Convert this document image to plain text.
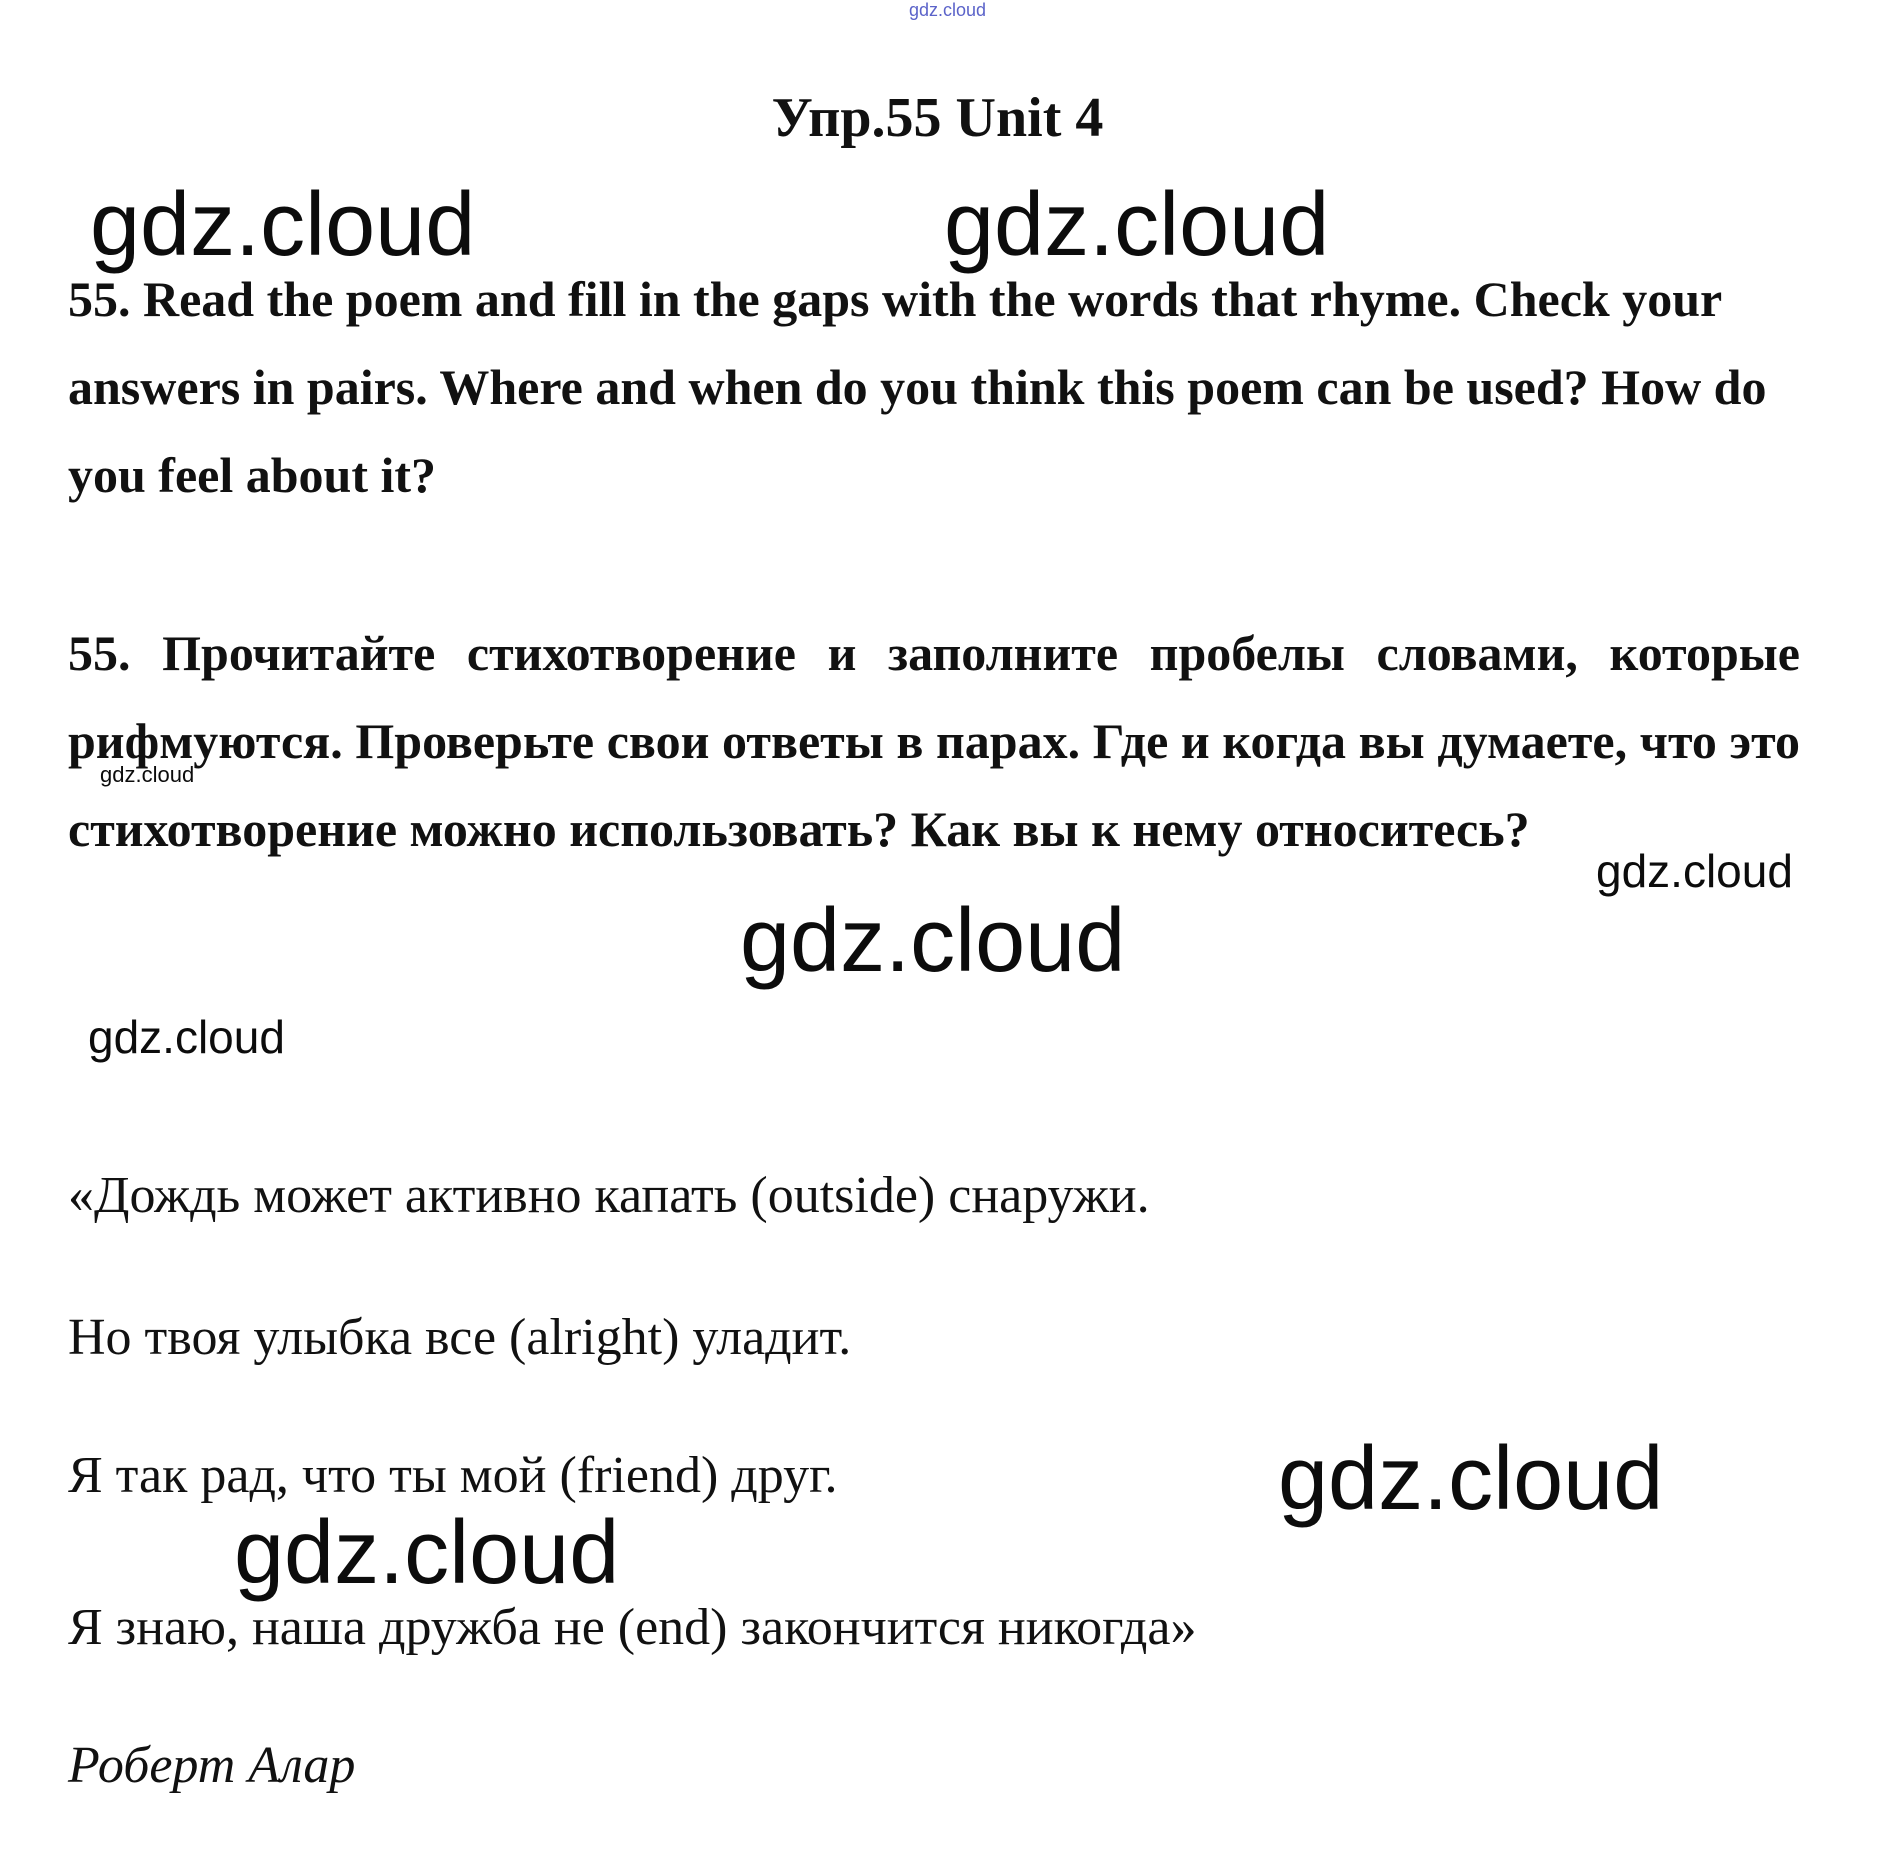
gdz.cloud
Упр.55 Unit 4

55. Read the poem and fill in the gaps with the words that rhyme. Check your answers in pairs. Where and when do you think this poem can be used? How do you feel about it?

55. Прочитайте стихотворение и заполните пробелы словами, которые рифмуются. Проверьте свои ответы в парах. Где и когда вы думаете, что это стихотворение можно использовать? Как вы к нему относитесь?

«Дождь может активно капать (outside) снаружи.

Но твоя улыбка все (alright) уладит.

Я так рад, что ты мой (friend) друг.

Я знаю, наша дружба не (end) закончится никогда»

Роберт Алар

gdz.cloud	gdz.cloud
gdz.cloud
gdz.cloud
gdz.cloud
gdz.cloud
gdz.cloud
gdz.cloud
